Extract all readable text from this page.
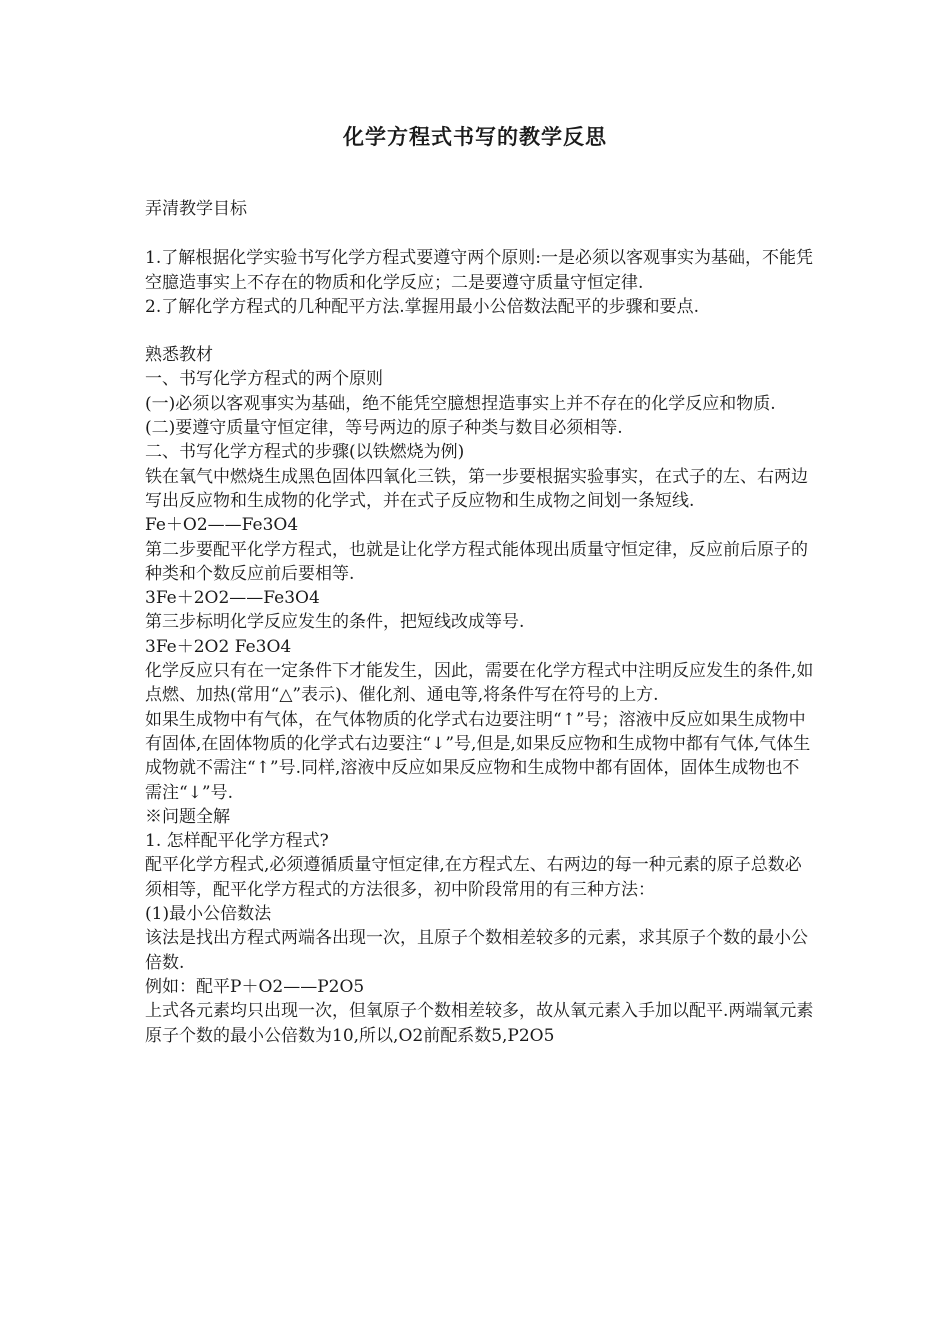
化学方程式书写的教学反思

弄清教学目标

1.了解根据化学实验书写化学方程式要遵守两个原则:一是必须以客观事实为基础，不能凭空臆造事实上不存在的物质和化学反应；二是要遵守质量守恒定律.

2.了解化学方程式的几种配平方法.掌握用最小公倍数法配平的步骤和要点.

熟悉教材

一、书写化学方程式的两个原则

(一)必须以客观事实为基础，绝不能凭空臆想捏造事实上并不存在的化学反应和物质.

(二)要遵守质量守恒定律，等号两边的原子种类与数目必须相等.

二、书写化学方程式的步骤(以铁燃烧为例)

铁在氧气中燃烧生成黑色固体四氧化三铁，第一步要根据实验事实，在式子的左、右两边写出反应物和生成物的化学式，并在式子反应物和生成物之间划一条短线.

Fe＋O2——Fe3O4

第二步要配平化学方程式，也就是让化学方程式能体现出质量守恒定律，反应前后原子的种类和个数反应前后要相等.

3Fe＋2O2——Fe3O4

第三步标明化学反应发生的条件，把短线改成等号.

3Fe＋2O2 Fe3O4

化学反应只有在一定条件下才能发生，因此，需要在化学方程式中注明反应发生的条件,如点燃、加热(常用“△”表示)、催化剂、通电等,将条件写在符号的上方.

如果生成物中有气体，在气体物质的化学式右边要注明“↑”号；溶液中反应如果生成物中有固体,在固体物质的化学式右边要注“↓”号,但是,如果反应物和生成物中都有气体,气体生成物就不需注“↑”号.同样,溶液中反应如果反应物和生成物中都有固体，固体生成物也不需注“↓”号.

※问题全解

1. 怎样配平化学方程式?

配平化学方程式,必须遵循质量守恒定律,在方程式左、右两边的每一种元素的原子总数必须相等，配平化学方程式的方法很多，初中阶段常用的有三种方法：

(1)最小公倍数法

该法是找出方程式两端各出现一次，且原子个数相差较多的元素，求其原子个数的最小公倍数.

例如：配平P＋O2——P2O5

上式各元素均只出现一次，但氧原子个数相差较多，故从氧元素入手加以配平.两端氧元素原子个数的最小公倍数为10,所以,O2前配系数5,P2O5
